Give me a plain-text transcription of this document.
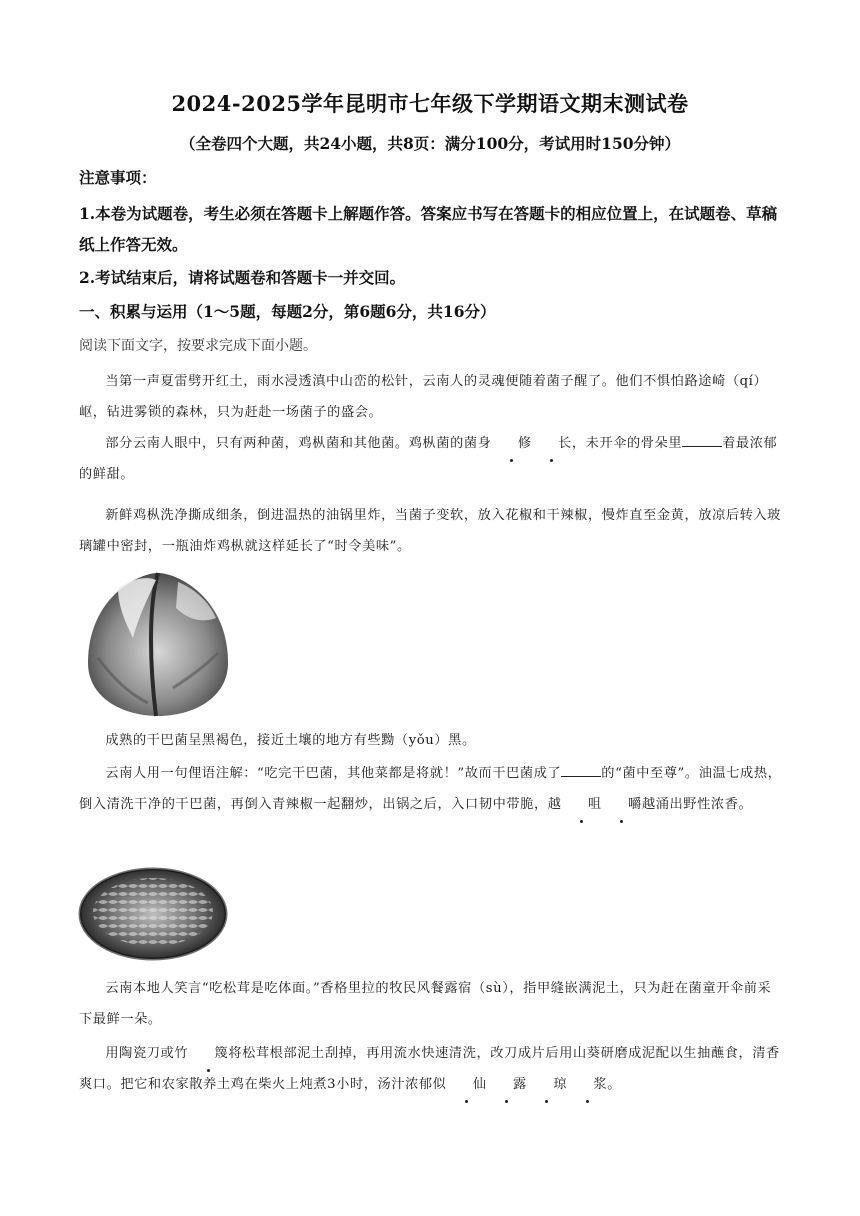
2024-2025学年昆明市七年级下学期语文期末测试卷
（全卷四个大题，共24小题，共8页：满分100分，考试用时150分钟）
注意事项：
1.本卷为试题卷，考生必须在答题卡上解题作答。答案应书写在答题卡的相应位置上，在试题卷、草稿纸上作答无效。
2.考试结束后，请将试题卷和答题卡一并交回。
一、积累与运用（1～5题，每题2分，第6题6分，共16分）
阅读下面文字，按要求完成下面小题。
当第一声夏雷劈开红土，雨水浸透滇中山峦的松针，云南人的灵魂便随着菌子醒了。他们不惧怕路途崎（qí）岖，钻进雾锁的森林，只为赶赴一场菌子的盛会。
部分云南人眼中，只有两种菌，鸡枞菌和其他菌。鸡枞菌的菌身 修 长，未开伞的骨朵里	着最浓郁的鲜甜。
新鲜鸡枞洗净撕成细条，倒进温热的油锅里炸，当菌子变软，放入花椒和干辣椒，慢炸直至金黄，放凉后转入玻璃罐中密封，一瓶油炸鸡枞就这样延长了“时令美味”。
成熟的干巴菌呈黑褐色，接近土壤的地方有些黝（yǒu）黑。
云南人用一句俚语注解：“吃完干巴菌，其他菜都是将就！”故而干巴菌成了	的“菌中至尊”。油温七成热，倒入清洗干净的干巴菌，再倒入青辣椒一起翻炒，出锅之后，入口韧中带脆，越 咀 嚼越涌出野性浓香。
云南本地人笑言“吃松茸是吃体面。”香格里拉的牧民风餐露宿（sù），指甲缝嵌满泥土，只为赶在菌童开伞前采下最鲜一朵。
用陶瓷刀或竹 篾将松茸根部泥土刮掉，再用流水快速清洗，改刀成片后用山葵研磨成泥配以生抽蘸食，清香爽口。把它和农家散养土鸡在柴火上炖煮3小时，汤汁浓郁似 仙 露 琼 浆。
